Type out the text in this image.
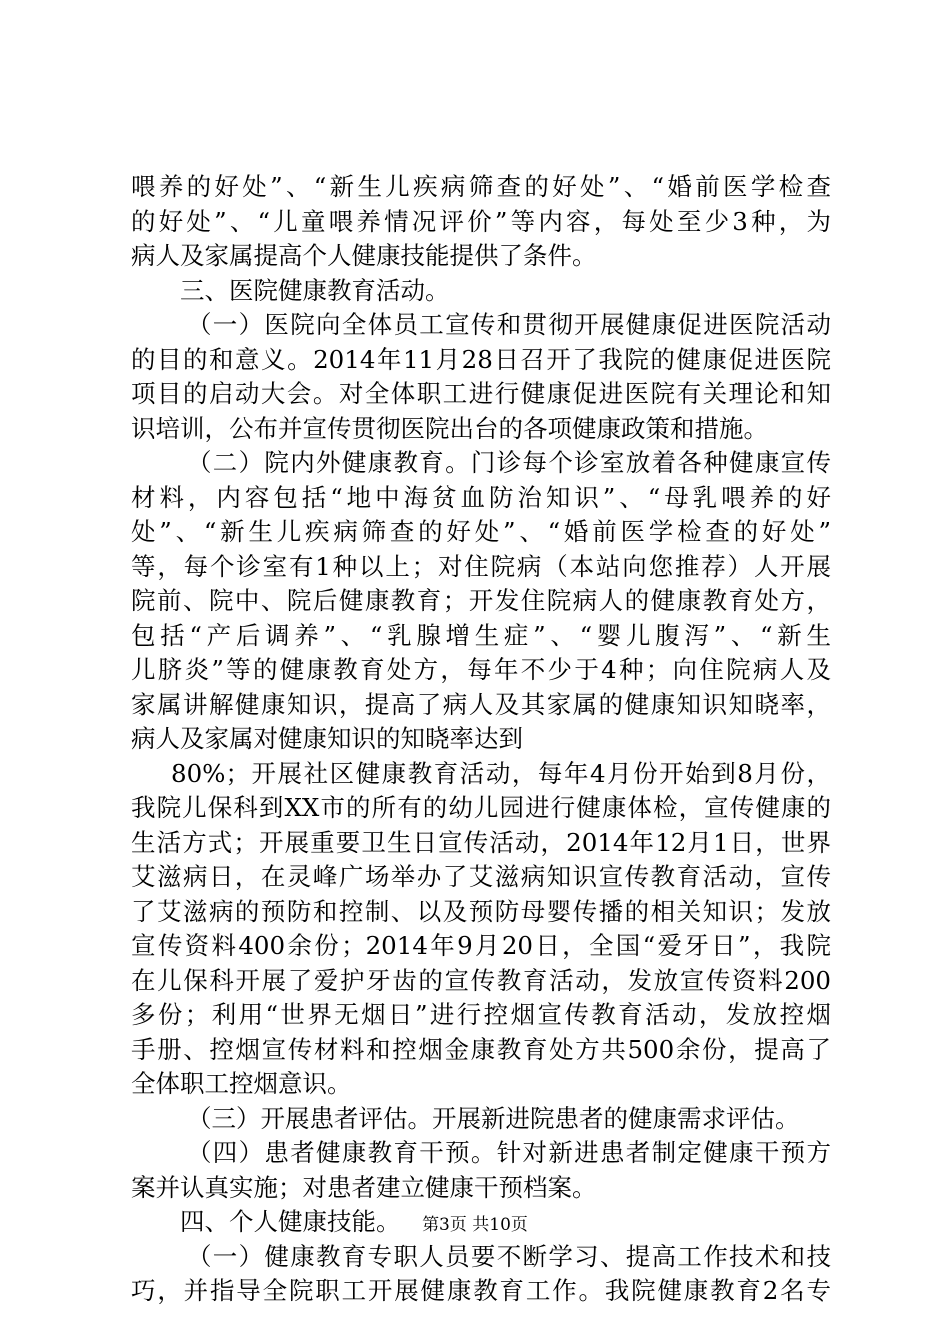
喂养的好处”、“新生儿疾病筛查的好处”、“婚前医学检查
的好处”、“儿童喂养情况评价”等内容，每处至少3种，为
病人及家属提高个人健康技能提供了条件。
三、医院健康教育活动。
（一）医院向全体员工宣传和贯彻开展健康促进医院活动
的目的和意义。2014年11月28日召开了我院的健康促进医院
项目的启动大会。对全体职工进行健康促进医院有关理论和知
识培训，公布并宣传贯彻医院出台的各项健康政策和措施。
（二）院内外健康教育。门诊每个诊室放着各种健康宣传
材料，内容包括“地中海贫血防治知识”、“母乳喂养的好
处”、“新生儿疾病筛查的好处”、“婚前医学检查的好处”
等，每个诊室有1种以上；对住院病（本站向您推荐）人开展
院前、院中、院后健康教育；开发住院病人的健康教育处方，
包括“产后调养”、“乳腺增生症”、“婴儿腹泻”、“新生
儿脐炎”等的健康教育处方，每年不少于4种；向住院病人及
家属讲解健康知识，提高了病人及其家属的健康知识知晓率，
病人及家属对健康知识的知晓率达到
80%；开展社区健康教育活动，每年4月份开始到8月份，
我院儿保科到XX市的所有的幼儿园进行健康体检，宣传健康的
生活方式；开展重要卫生日宣传活动，2014年12月1日，世界
艾滋病日，在灵峰广场举办了艾滋病知识宣传教育活动，宣传
了艾滋病的预防和控制、以及预防母婴传播的相关知识；发放
宣传资料400余份；2014年9月20日，全国“爱牙日”，我院
在儿保科开展了爱护牙齿的宣传教育活动，发放宣传资料200
多份；利用“世界无烟日”进行控烟宣传教育活动，发放控烟
手册、控烟宣传材料和控烟金康教育处方共500余份，提高了
全体职工控烟意识。
（三）开展患者评估。开展新进院患者的健康需求评估。
（四）患者健康教育干预。针对新进患者制定健康干预方
案并认真实施；对患者建立健康干预档案。
四、个人健康技能。
（一）健康教育专职人员要不断学习、提高工作技术和技
巧，并指导全院职工开展健康教育工作。我院健康教育2名专
第3页 共10页
